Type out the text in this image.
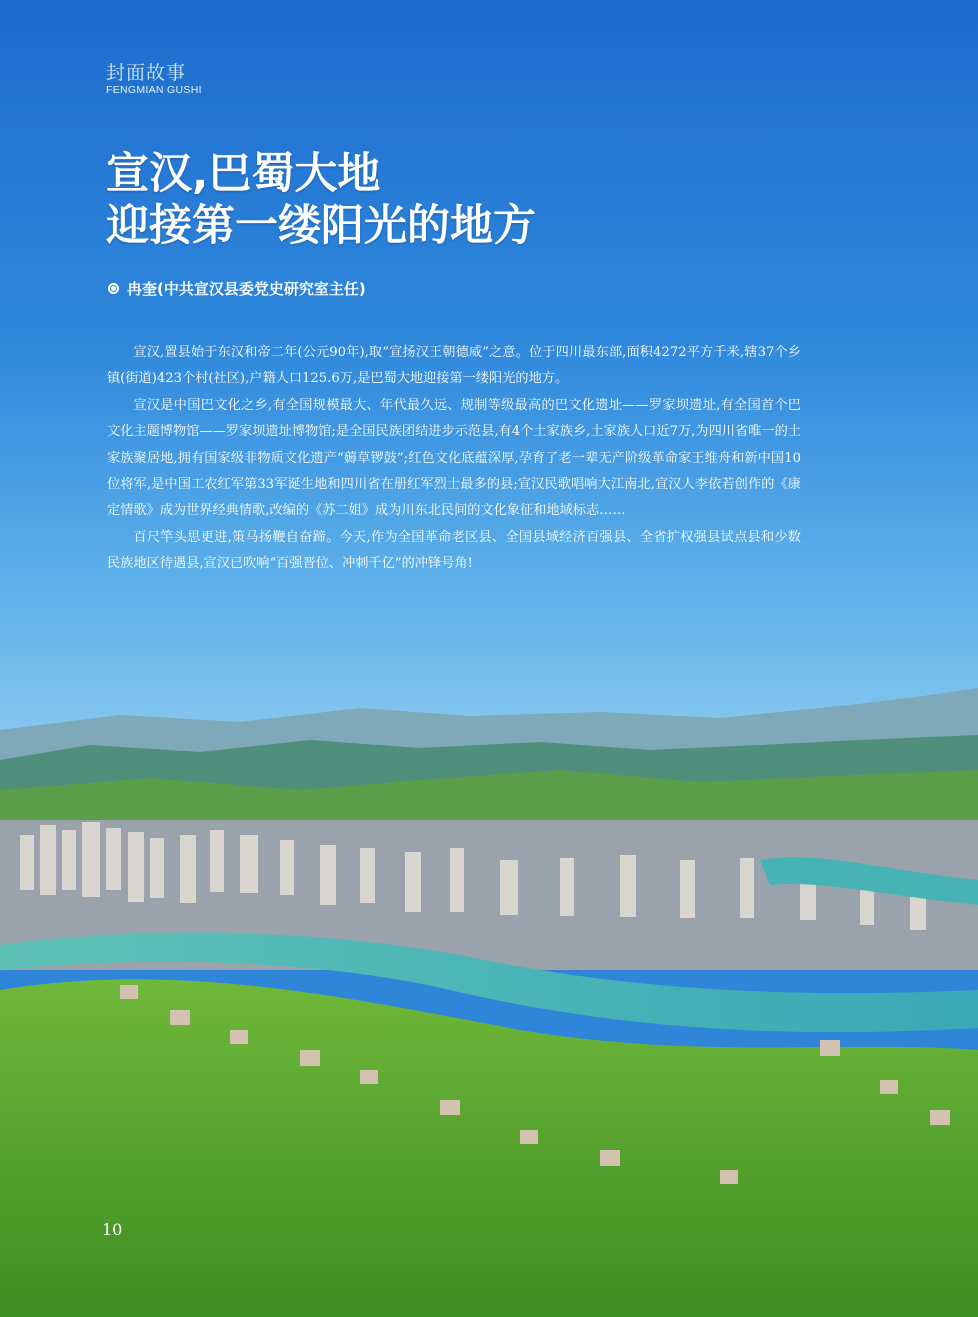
封面故事
FENGMIAN GUSHI
宣汉,巴蜀大地
迎接第一缕阳光的地方
冉奎(中共宣汉县委党史研究室主任)

宣汉,置县始于东汉和帝二年(公元90年),取“宣扬汉王朝德威”之意。位于四川最东部,面积4272平方千米,辖37个乡镇(街道)423个村(社区),户籍人口125.6万,是巴蜀大地迎接第一缕阳光的地方。

宣汉是中国巴文化之乡,有全国规模最大、年代最久远、规制等级最高的巴文化遗址——罗家坝遗址,有全国首个巴文化主题博物馆——罗家坝遗址博物馆;是全国民族团结进步示范县,有4个土家族乡,土家族人口近7万,为四川省唯一的土家族聚居地,拥有国家级非物质文化遗产“薅草锣鼓”;红色文化底蕴深厚,孕育了老一辈无产阶级革命家王维舟和新中国10位将军,是中国工农红军第33军诞生地和四川省在册红军烈士最多的县;宣汉民歌唱响大江南北,宣汉人李依若创作的《康定情歌》成为世界经典情歌,改编的《苏二姐》成为川东北民间的文化象征和地域标志……

百尺竿头思更进,策马扬鞭自奋蹄。今天,作为全国革命老区县、全国县域经济百强县、全省扩权强县试点县和少数民族地区待遇县,宣汉已吹响“百强晋位、冲刺千亿”的冲锋号角!

10
